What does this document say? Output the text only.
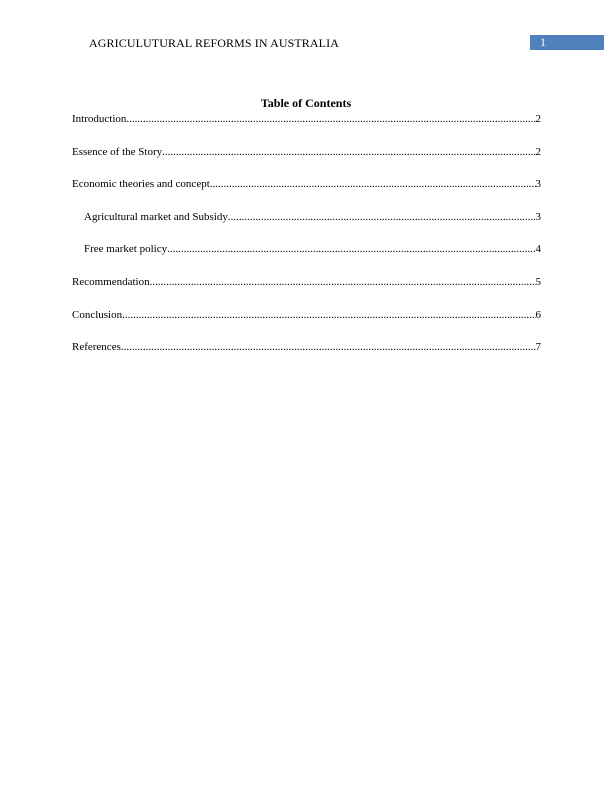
AGRICULUTURAL REFORMS IN AUSTRALIA	1
Table of Contents
Introduction .....	2
Essence of the Story .....	2
Economic theories and concept .....	3
Agricultural market and Subsidy .....	3
Free market policy .....	4
Recommendation .....	5
Conclusion .....	6
References .....	7
